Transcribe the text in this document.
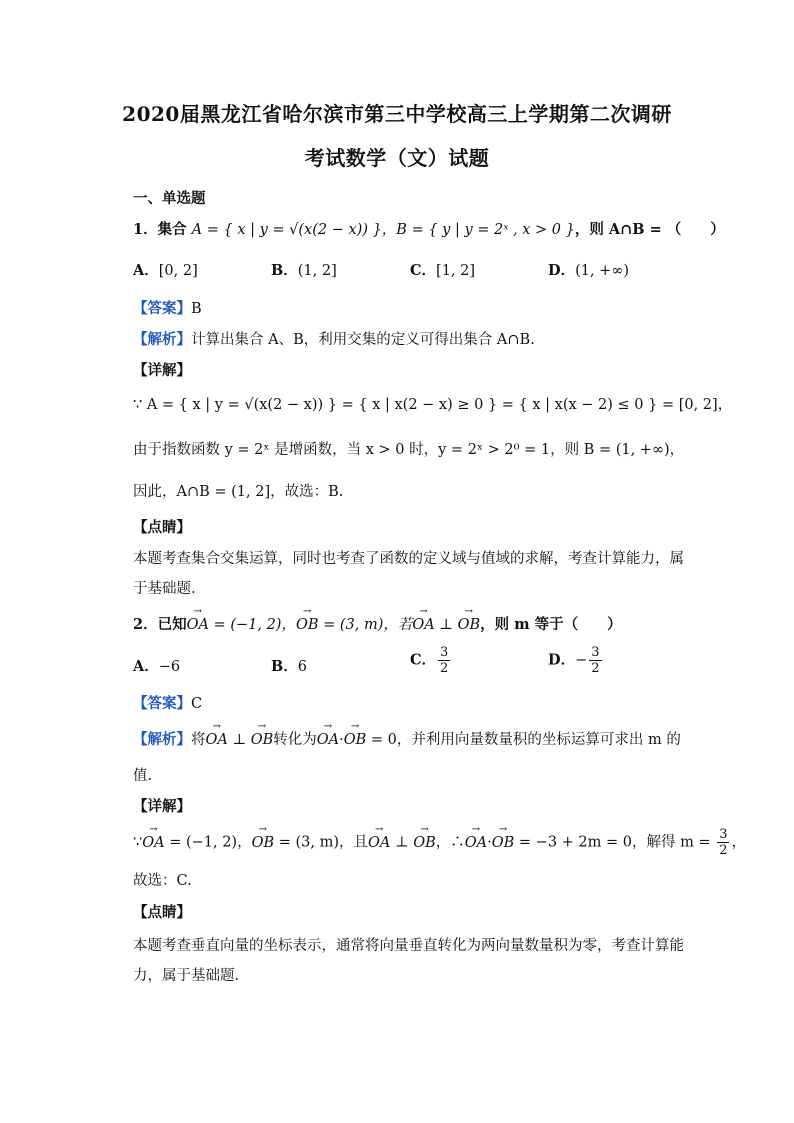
2020届黑龙江省哈尔滨市第三中学校高三上学期第二次调研
考试数学（文）试题
一、单选题
1．集合 A = { x | y = √(x(2 − x)) }，B = { y | y = 2ˣ , x > 0 }，则 A∩B = （　　）
A．[0, 2]	B．(1, 2]	C．[1, 2]	D．(1, +∞)
【答案】B
【解析】计算出集合 A、B，利用交集的定义可得出集合 A∩B.
【详解】
∵ A = { x | y = √(x(2 − x)) } = { x | x(2 − x) ≥ 0 } = { x | x(x − 2) ≤ 0 } = [0, 2]，
由于指数函数 y = 2ˣ 是增函数，当 x > 0 时，y = 2ˣ > 2⁰ = 1，则 B = (1, +∞)，
因此，A∩B = (1, 2]，故选：B.
【点睛】
本题考查集合交集运算，同时也考查了函数的定义域与值域的求解，考查计算能力，属
于基础题.
2．已知→ OA = (−1, 2)，→ OB = (3, m)，若→ OA ⊥ → OB，则 m 等于（　　）
A．−6	B．6	C． $\frac{3}{2}$	D．− $\frac{3}{2}$
【答案】C
【解析】将→ OA ⊥ → OB转化为→ OA·→ OB = 0，并利用向量数量积的坐标运算可求出 m 的
值.
【详解】
∵→ OA = (−1, 2)，→ OB = (3, m)，且→ OA ⊥ → OB，∴→ OA·→ OB = −3 + 2m = 0，解得 $m = \frac{3}{2}$ ，
故选：C.
【点睛】
本题考查垂直向量的坐标表示，通常将向量垂直转化为两向量数量积为零，考查计算能
力，属于基础题.
